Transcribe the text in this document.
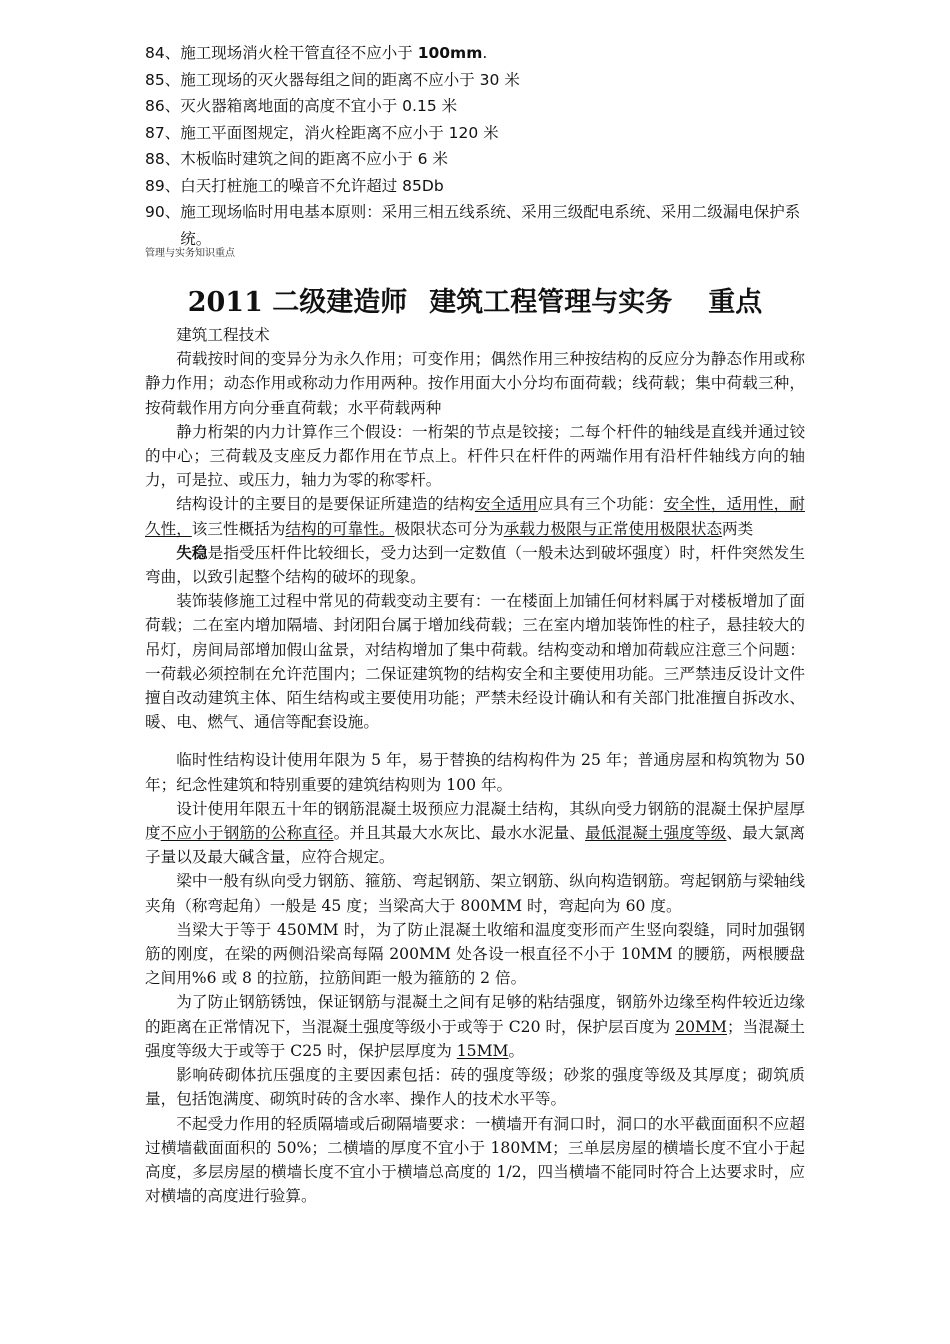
84、 施工现场消火栓干管直径不应小于 100mm.
85、 施工现场的灭火器每组之间的距离不应小于 30 米
86、 灭火器箱离地面的高度不宜小于 0.15 米
87、 施工平面图规定，消火栓距离不应小于 120 米
88、 木板临时建筑之间的距离不应小于 6 米
89、 白天打桩施工的噪音不允许超过 85Db
90、 施工现场临时用电基本原则：采用三相五线系统、采用三级配电系统、采用二级漏电保护系统。
管理与实务知识重点
2011 二级建造师 建筑工程管理与实务 重点
建筑工程技术

荷载按时间的变异分为永久作用；可变作用；偶然作用三种按结构的反应分为静态作用或称静力作用；动态作用或称动力作用两种。按作用面大小分均布面荷载；线荷载；集中荷载三种，按荷载作用方向分垂直荷载；水平荷载两种

静力桁架的内力计算作三个假设：一桁架的节点是铰接；二每个杆件的轴线是直线并通过铰的中心；三荷载及支座反力都作用在节点上。杆件只在杆件的两端作用有沿杆件轴线方向的轴力，可是拉、或压力，轴力为零的称零杆。

结构设计的主要目的是要保证所建造的结构安全适用应具有三个功能：安全性，适用性，耐久性，该三性概括为结构的可靠性。极限状态可分为承载力极限与正常使用极限状态两类

失稳是指受压杆件比较细长，受力达到一定数值（一般未达到破坏强度）时，杆件突然发生弯曲，以致引起整个结构的破坏的现象。

装饰装修施工过程中常见的荷载变动主要有：一在楼面上加铺任何材料属于对楼板增加了面荷载；二在室内增加隔墙、封闭阳台属于增加线荷载；三在室内增加装饰性的柱子，悬挂较大的吊灯，房间局部增加假山盆景，对结构增加了集中荷载。结构变动和增加荷载应注意三个问题：一荷载必须控制在允许范围内；二保证建筑物的结构安全和主要使用功能。三严禁违反设计文件擅自改动建筑主体、陌生结构或主要使用功能；严禁未经设计确认和有关部门批准擅自拆改水、暖、电、燃气、通信等配套设施。

临时性结构设计使用年限为 5 年，易于替换的结构构件为 25 年；普通房屋和构筑物为 50 年；纪念性建筑和特别重要的建筑结构则为 100 年。

设计使用年限五十年的钢筋混凝土圾预应力混凝土结构，其纵向受力钢筋的混凝土保护屋厚度不应小于钢筋的公称直径。并且其最大水灰比、最水水泥量、最低混凝土强度等级、最大氯离子量以及最大碱含量，应符合规定。

梁中一般有纵向受力钢筋、箍筋、弯起钢筋、架立钢筋、纵向构造钢筋。弯起钢筋与梁轴线夹角（称弯起角）一般是 45 度；当梁高大于 800MM 时，弯起向为 60 度。

当梁大于等于 450MM 时，为了防止混凝土收缩和温度变形而产生竖向裂缝，同时加强钢筋的刚度，在梁的两侧沿梁高每隔 200MM 处各设一根直径不小于 10MM 的腰筋，两根腰盘之间用%6 或 8 的拉筋，拉筋间距一般为箍筋的 2 倍。

为了防止钢筋锈蚀，保证钢筋与混凝土之间有足够的粘结强度，钢筋外边缘至构件较近边缘的距离在正常情况下，当混凝土强度等级小于或等于 C20 时，保护层百度为 20MM；当混凝土强度等级大于或等于 C25 时，保护层厚度为 15MM。

影响砖砌体抗压强度的主要因素包括：砖的强度等级；砂浆的强度等级及其厚度；砌筑质量，包括饱满度、砌筑时砖的含水率、操作人的技术水平等。

不起受力作用的轻质隔墙或后砌隔墙要求：一横墙开有洞口时，洞口的水平截面面积不应超过横墙截面面积的 50%；二横墙的厚度不宜小于 180MM；三单层房屋的横墙长度不宜小于起高度，多层房屋的横墙长度不宜小于横墙总高度的 1/2，四当横墙不能同时符合上达要求时，应对横墙的高度进行验算。
